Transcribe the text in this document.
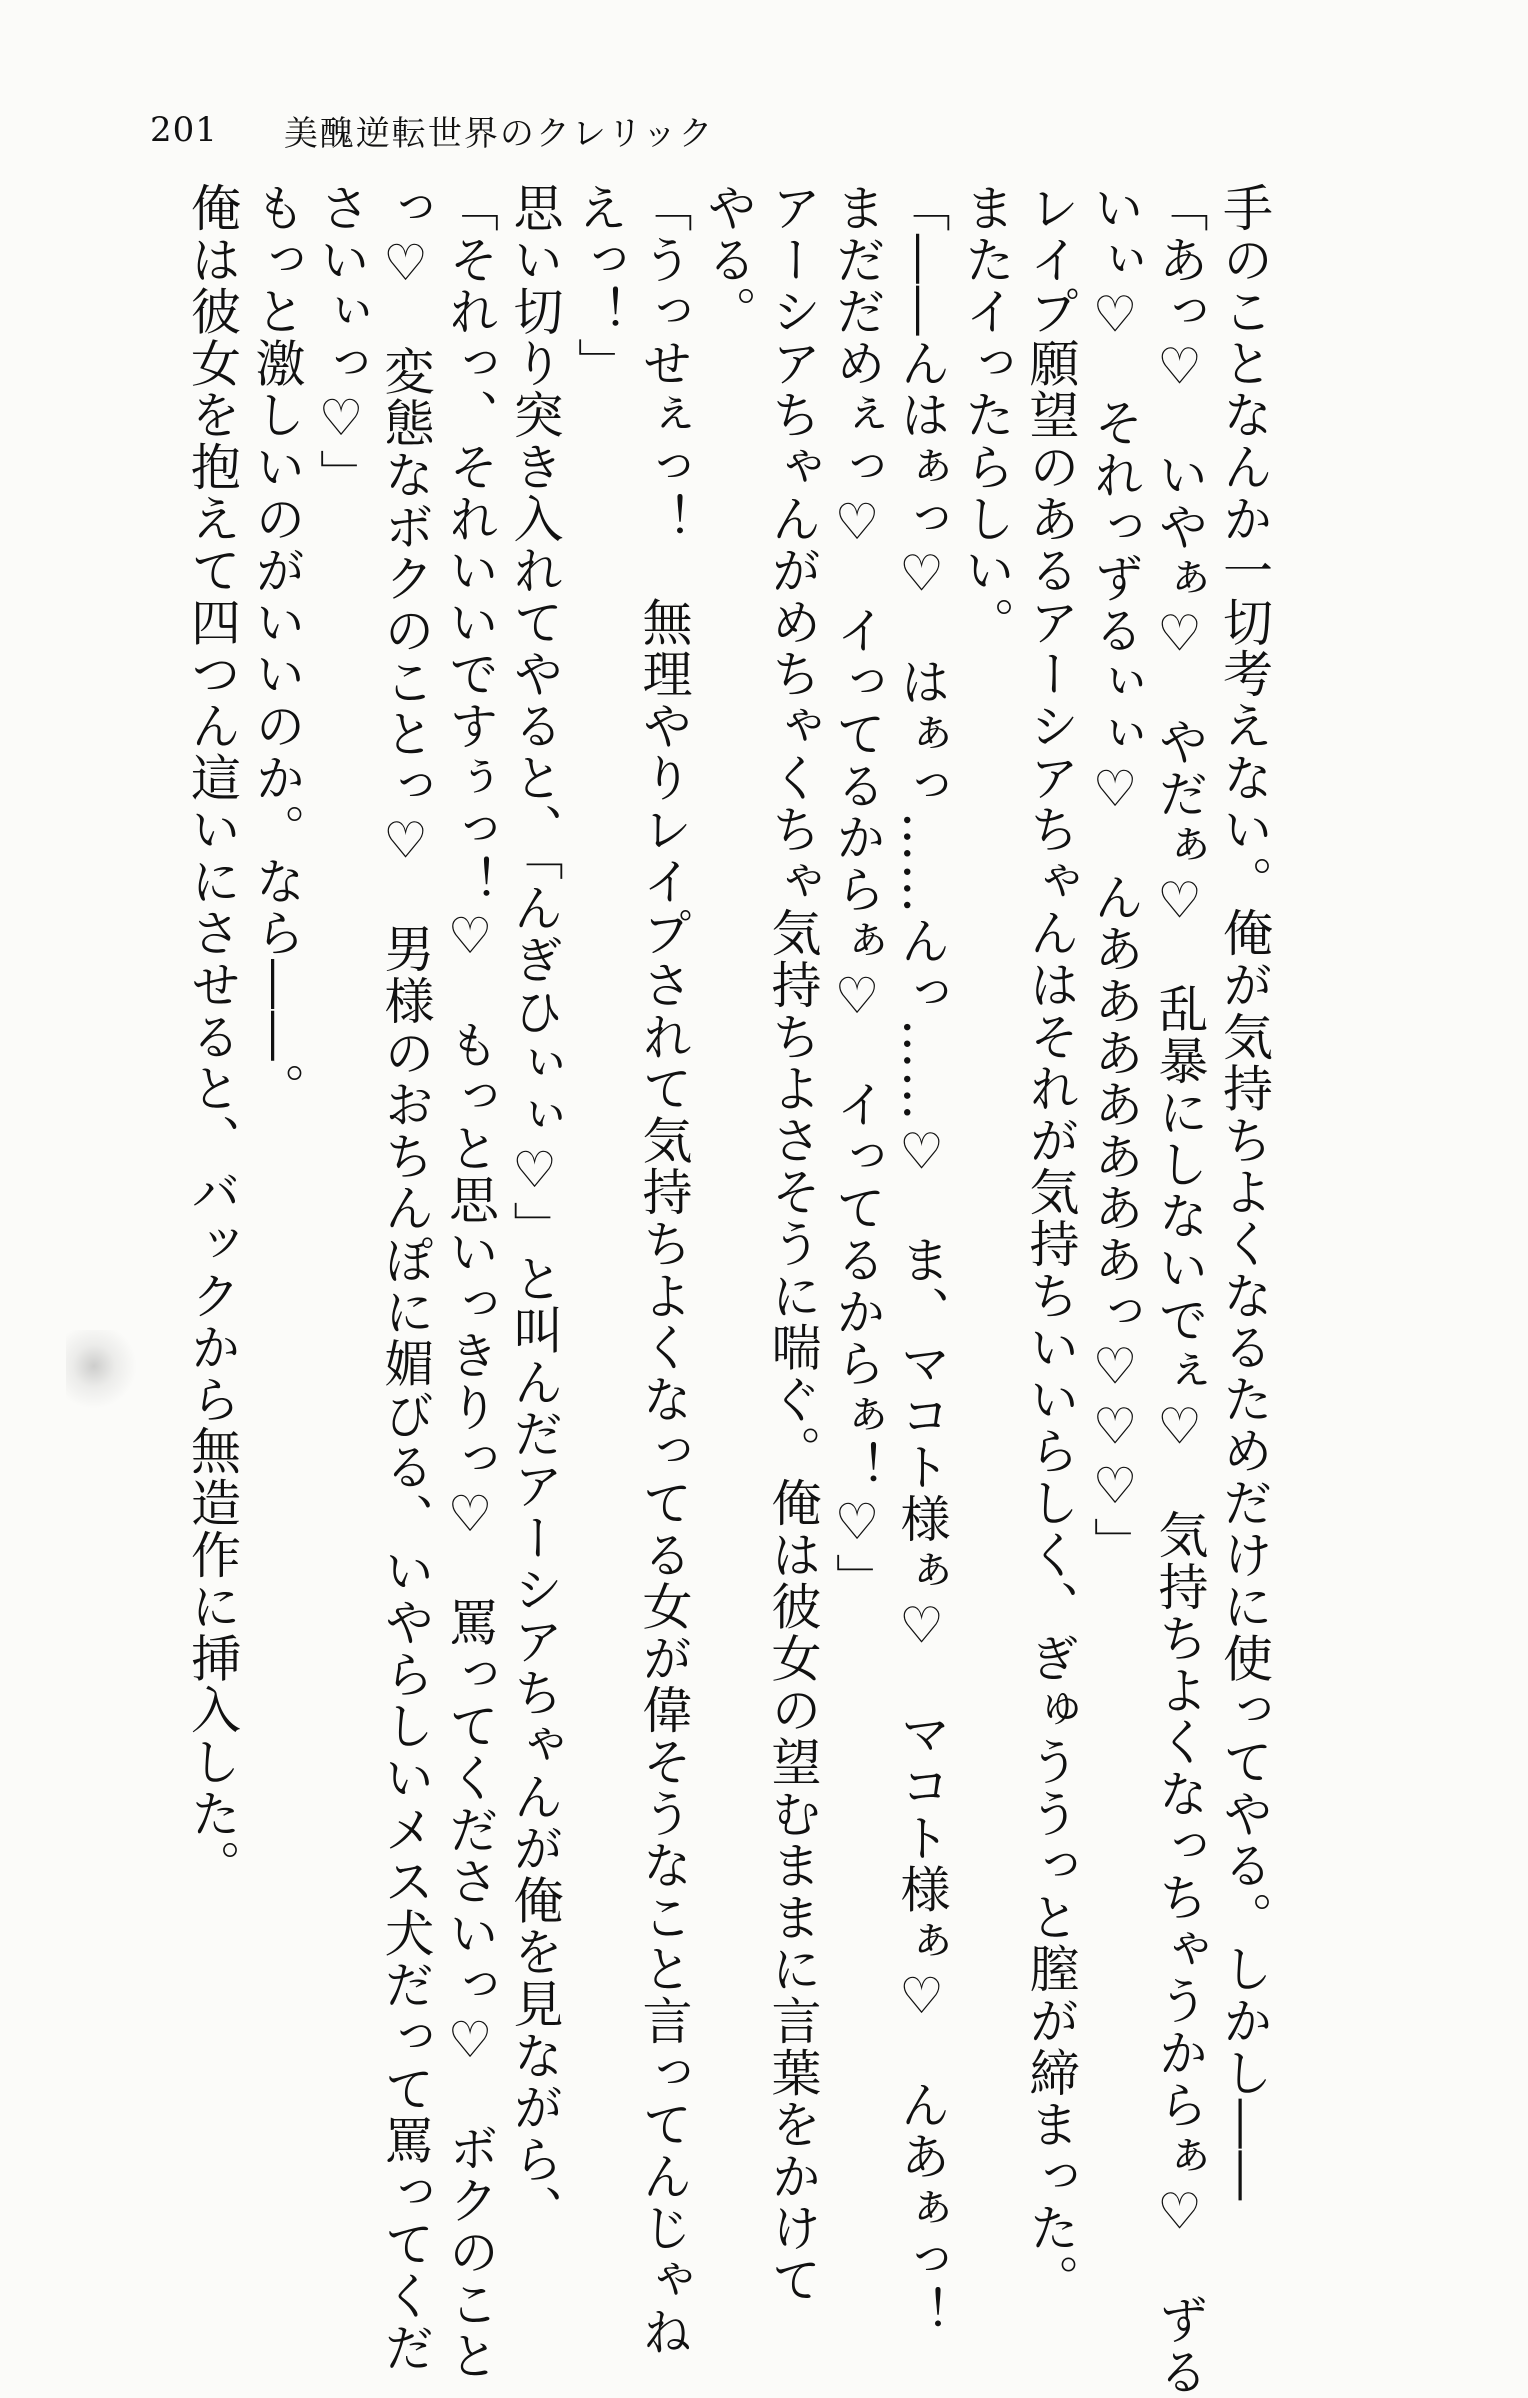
201 美醜逆転世界のクレリック
手のことなんか一切考えない。俺が気持ちよくなるためだけに使ってやる。しかし――
「あっ♡　いやぁ♡　やだぁ♡　乱暴にしないでぇ♡　気持ちよくなっちゃうからぁ♡　ずる
いぃ♡　それっずるぃぃ♡　んあああああああっ♡♡♡」
レイプ願望のあるアーシアちゃんはそれが気持ちいいらしく、ぎゅううっと膣が締まった。
またイったらしい。
「――んはぁっ♡　はぁっ……んっ……♡　ま、マコト様ぁ♡　マコト様ぁ♡　んあぁっ！
まだだめぇっ♡　イってるからぁ♡　イってるからぁ！♡」
アーシアちゃんがめちゃくちゃ気持ちよさそうに喘ぐ。俺は彼女の望むままに言葉をかけて
やる。
「うっせぇっ！　無理やりレイプされて気持ちよくなってる女が偉そうなこと言ってんじゃね
えっ！」
思い切り突き入れてやると、「んぎひぃぃ♡」と叫んだアーシアちゃんが俺を見ながら、
「それっ、それいいですぅっ！♡　もっと思いっきりっ♡　罵ってくださいっ♡　ボクのこと
っ♡　変態なボクのことっ♡　男様のおちんぽに媚びる、いやらしいメス犬だって罵ってくだ
さいぃっ♡」
もっと激しいのがいいのか。なら――。
俺は彼女を抱えて四つん這いにさせると、バックから無造作に挿入した。
